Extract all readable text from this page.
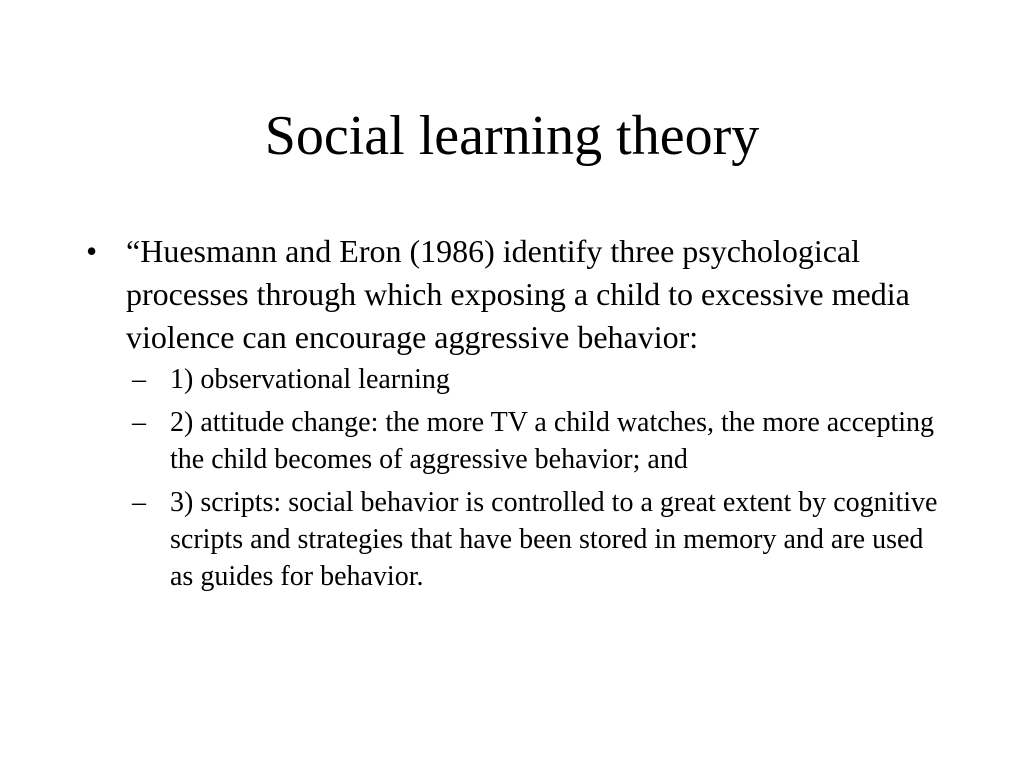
Social learning theory
• “Huesmann and Eron (1986) identify three psychological processes through which exposing a child to excessive media violence can encourage aggressive behavior:
– 1) observational learning
– 2) attitude change: the more TV a child watches, the more accepting the child becomes of aggressive behavior; and
– 3) scripts: social behavior is controlled to a great extent by cognitive scripts and strategies that have been stored in memory and are used as guides for behavior.
